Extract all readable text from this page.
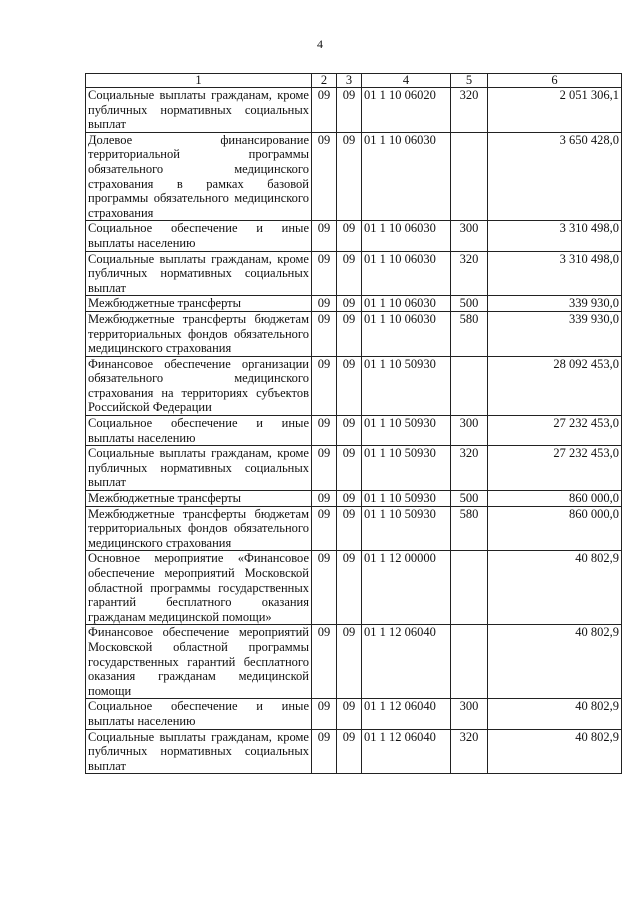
4
1	2	3	4	5	6
Социальные выплаты гражданам, кроме публичных нормативных социальных выплат	09	09	01 1 10 06020	320	2 051 306,1
Долевое финансирование территориальной программы обязательного медицинского страхования в рамках базовой программы обязательного медицинского страхования	09	09	01 1 10 06030		3 650 428,0
Социальное обеспечение и иные выплаты населению	09	09	01 1 10 06030	300	3 310 498,0
Социальные выплаты гражданам, кроме публичных нормативных социальных выплат	09	09	01 1 10 06030	320	3 310 498,0
Межбюджетные трансферты	09	09	01 1 10 06030	500	339 930,0
Межбюджетные трансферты бюджетам территориальных фондов обязательного медицинского страхования	09	09	01 1 10 06030	580	339 930,0
Финансовое обеспечение организации обязательного медицинского страхования на территориях субъектов Российской Федерации	09	09	01 1 10 50930		28 092 453,0
Социальное обеспечение и иные выплаты населению	09	09	01 1 10 50930	300	27 232 453,0
Социальные выплаты гражданам, кроме публичных нормативных социальных выплат	09	09	01 1 10 50930	320	27 232 453,0
Межбюджетные трансферты	09	09	01 1 10 50930	500	860 000,0
Межбюджетные трансферты бюджетам территориальных фондов обязательного медицинского страхования	09	09	01 1 10 50930	580	860 000,0
Основное мероприятие «Финансовое обеспечение мероприятий Московской областной программы государственных гарантий бесплатного оказания гражданам медицинской помощи»	09	09	01 1 12 00000		40 802,9
Финансовое обеспечение мероприятий Московской областной программы государственных гарантий бесплатного оказания гражданам медицинской помощи	09	09	01 1 12 06040		40 802,9
Социальное обеспечение и иные выплаты населению	09	09	01 1 12 06040	300	40 802,9
Социальные выплаты гражданам, кроме публичных нормативных социальных выплат	09	09	01 1 12 06040	320	40 802,9
